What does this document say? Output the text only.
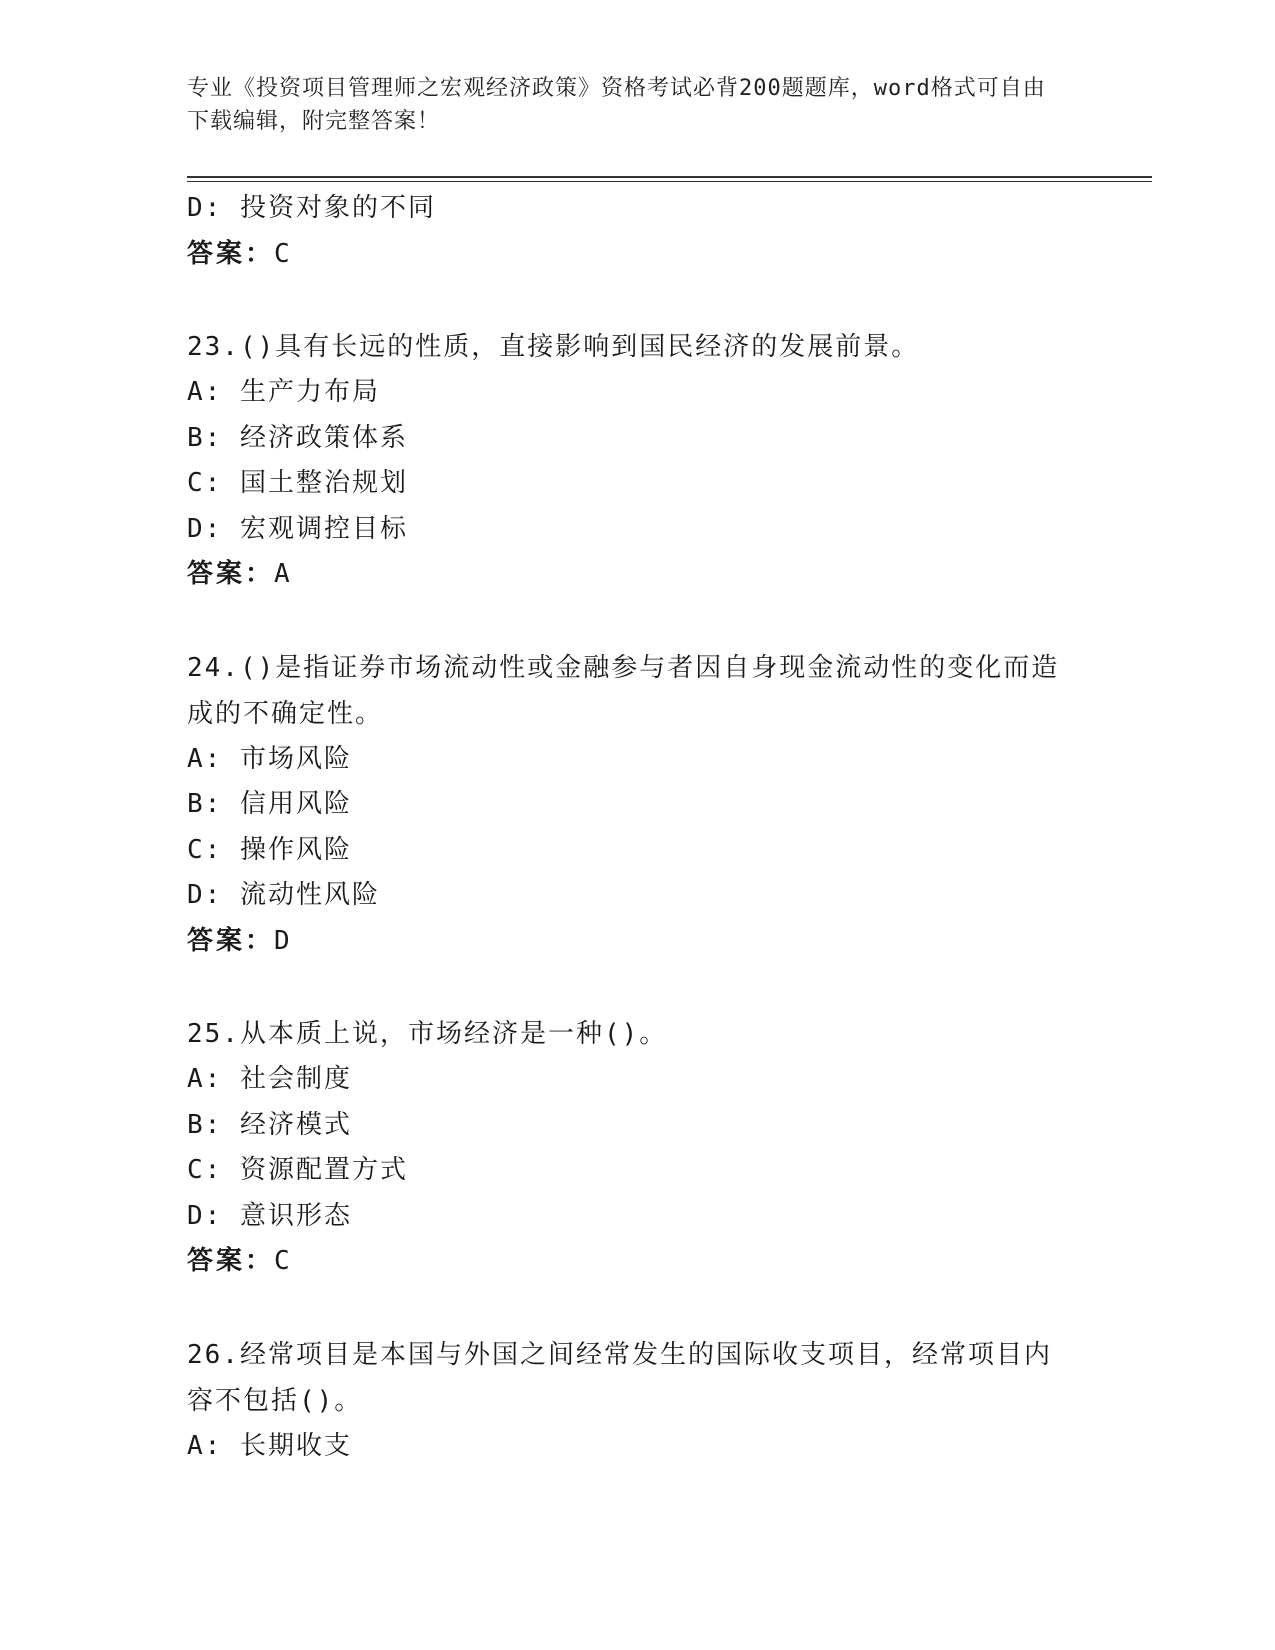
专业《投资项目管理师之宏观经济政策》资格考试必背200题题库，word格式可自由下载编辑，附完整答案！
D: 投资对象的不同
答案：C
23.()具有长远的性质，直接影响到国民经济的发展前景。
A: 生产力布局
B: 经济政策体系
C: 国土整治规划
D: 宏观调控目标
答案：A
24.()是指证券市场流动性或金融参与者因自身现金流动性的变化而造成的不确定性。
A: 市场风险
B: 信用风险
C: 操作风险
D: 流动性风险
答案：D
25.从本质上说，市场经济是一种()。
A: 社会制度
B: 经济模式
C: 资源配置方式
D: 意识形态
答案：C
26.经常项目是本国与外国之间经常发生的国际收支项目，经常项目内容不包括()。
A: 长期收支
